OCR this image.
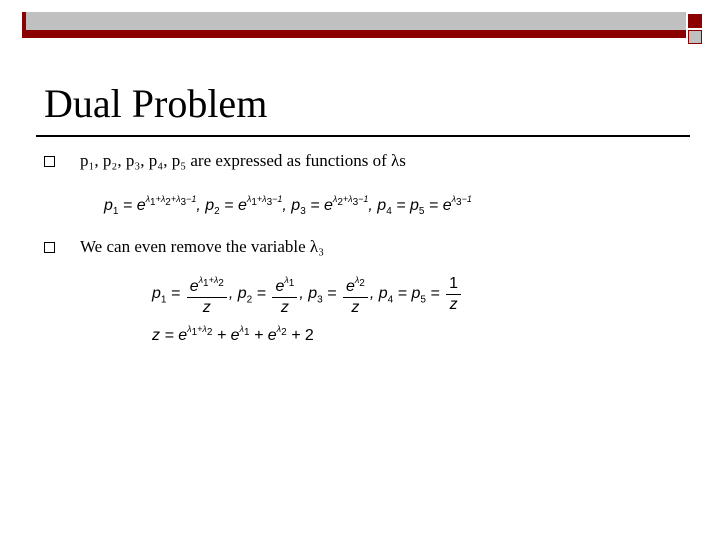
Dual Problem
p₁, p₂, p₃, p₄, p₅ are expressed as functions of λs
$p_1 = e^{\lambda_1+\lambda_2+\lambda_3-1}$, $p_2 = e^{\lambda_1+\lambda_3-1}$, $p_3 = e^{\lambda_2+\lambda_3-1}$, $p_4 = p_5 = e^{\lambda_3-1}$
We can even remove the variable λ₃
$p_1 = \frac{e^{\lambda_1+\lambda_2}}{z}$ , $p_2 = \frac{e^{\lambda_1}}{z}$ , $p_3 = \frac{e^{\lambda_2}}{z}$ , $p_4 = p_5 = \frac{1}{z}$
$z = e^{\lambda_1+\lambda_2} + e^{\lambda_1} + e^{\lambda_2} + 2$
